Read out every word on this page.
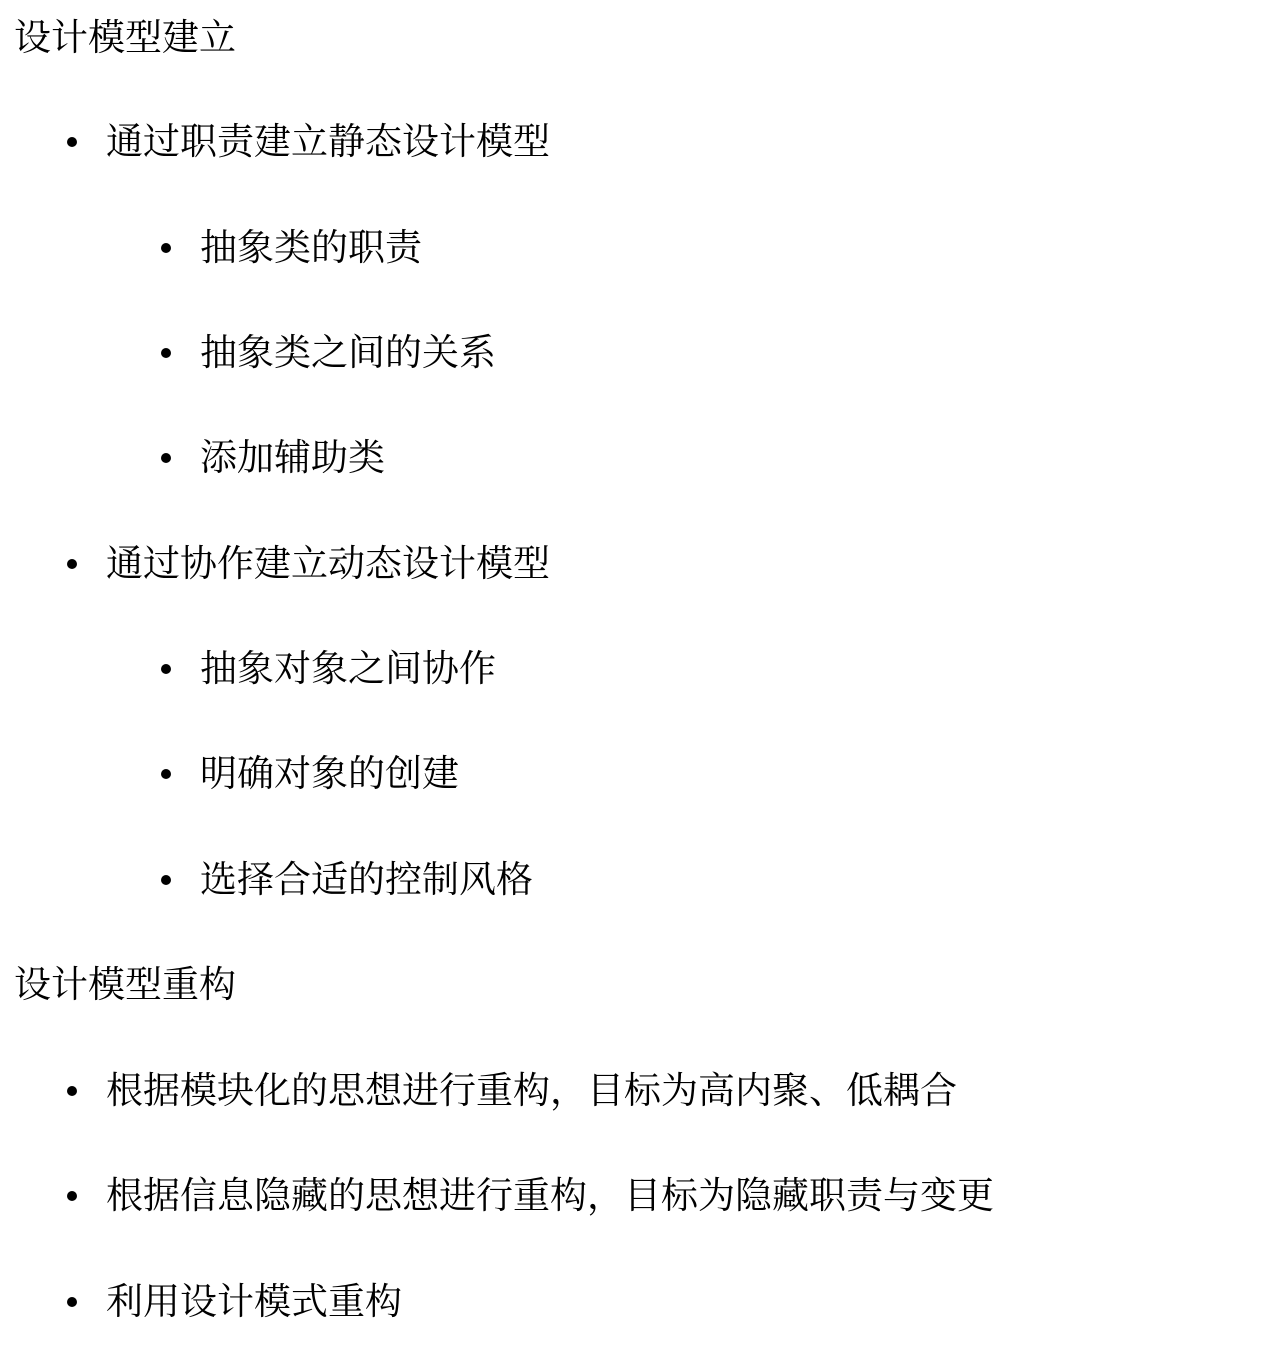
设计模型建立
通过职责建立静态设计模型
抽象类的职责
抽象类之间的关系
添加辅助类
通过协作建立动态设计模型
抽象对象之间协作
明确对象的创建
选择合适的控制风格
设计模型重构
根据模块化的思想进行重构，目标为高内聚、低耦合
根据信息隐藏的思想进行重构，目标为隐藏职责与变更
利用设计模式重构
